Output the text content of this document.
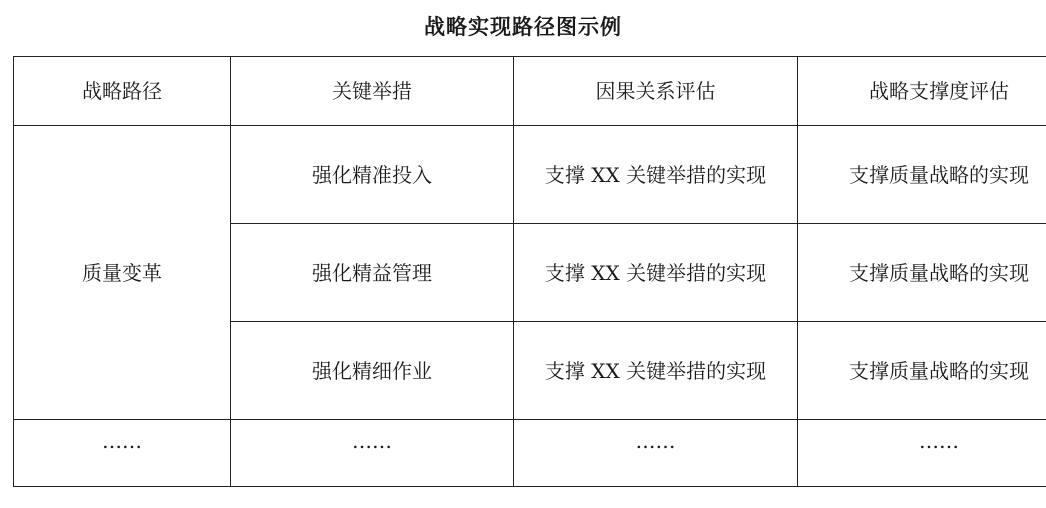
战略实现路径图示例
战略路径	关键举措	因果关系评估	战略支撑度评估
质量变革	强化精准投入	支撑 XX 关键举措的实现	支撑质量战略的实现
	强化精益管理	支撑 XX 关键举措的实现	支撑质量战略的实现
	强化精细作业	支撑 XX 关键举措的实现	支撑质量战略的实现
……	……	……	……
